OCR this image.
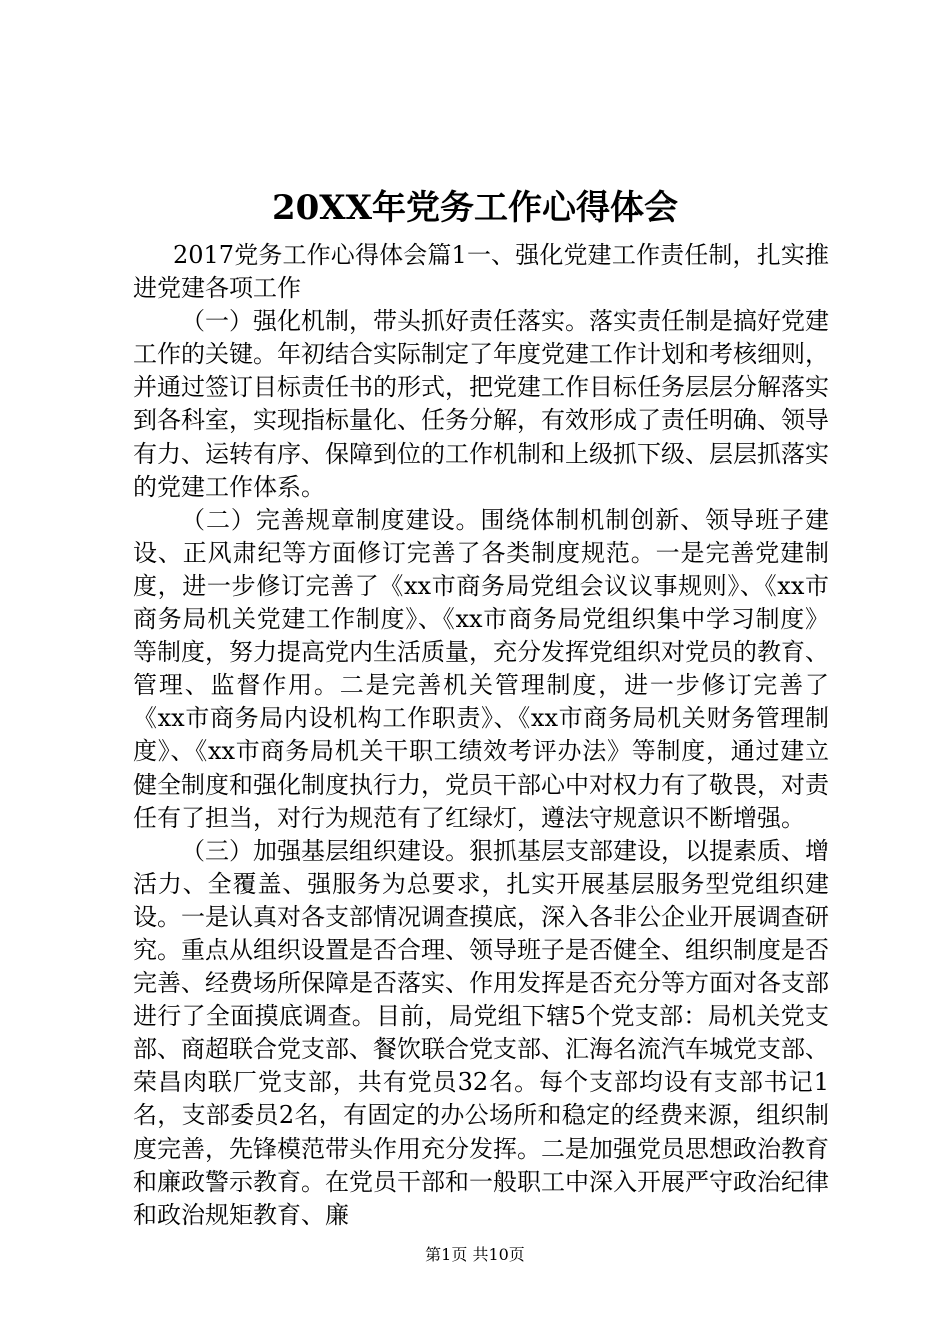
20XX年党务工作心得体会

2017党务工作心得体会篇1一、强化党建工作责任制，扎实推进党建各项工作

（一）强化机制，带头抓好责任落实。落实责任制是搞好党建工作的关键。年初结合实际制定了年度党建工作计划和考核细则，并通过签订目标责任书的形式，把党建工作目标任务层层分解落实到各科室，实现指标量化、任务分解，有效形成了责任明确、领导有力、运转有序、保障到位的工作机制和上级抓下级、层层抓落实的党建工作体系。

（二）完善规章制度建设。围绕体制机制创新、领导班子建设、正风肃纪等方面修订完善了各类制度规范。一是完善党建制度，进一步修订完善了《xx市商务局党组会议议事规则》、《xx市商务局机关党建工作制度》、《xx市商务局党组织集中学习制度》等制度，努力提高党内生活质量，充分发挥党组织对党员的教育、管理、监督作用。二是完善机关管理制度，进一步修订完善了《xx市商务局内设机构工作职责》、《xx市商务局机关财务管理制度》、《xx市商务局机关干职工绩效考评办法》等制度，通过建立健全制度和强化制度执行力，党员干部心中对权力有了敬畏，对责任有了担当，对行为规范有了红绿灯，遵法守规意识不断增强。

（三）加强基层组织建设。狠抓基层支部建设，以提素质、增活力、全覆盖、强服务为总要求，扎实开展基层服务型党组织建设。一是认真对各支部情况调查摸底，深入各非公企业开展调查研究。重点从组织设置是否合理、领导班子是否健全、组织制度是否完善、经费场所保障是否落实、作用发挥是否充分等方面对各支部进行了全面摸底调查。目前，局党组下辖5个党支部：局机关党支部、商超联合党支部、餐饮联合党支部、汇海名流汽车城党支部、荣昌肉联厂党支部，共有党员32名。每个支部均设有支部书记1名，支部委员2名，有固定的办公场所和稳定的经费来源，组织制度完善，先锋模范带头作用充分发挥。二是加强党员思想政治教育和廉政警示教育。在党员干部和一般职工中深入开展严守政治纪律和政治规矩教育、廉

第1页 共10页
